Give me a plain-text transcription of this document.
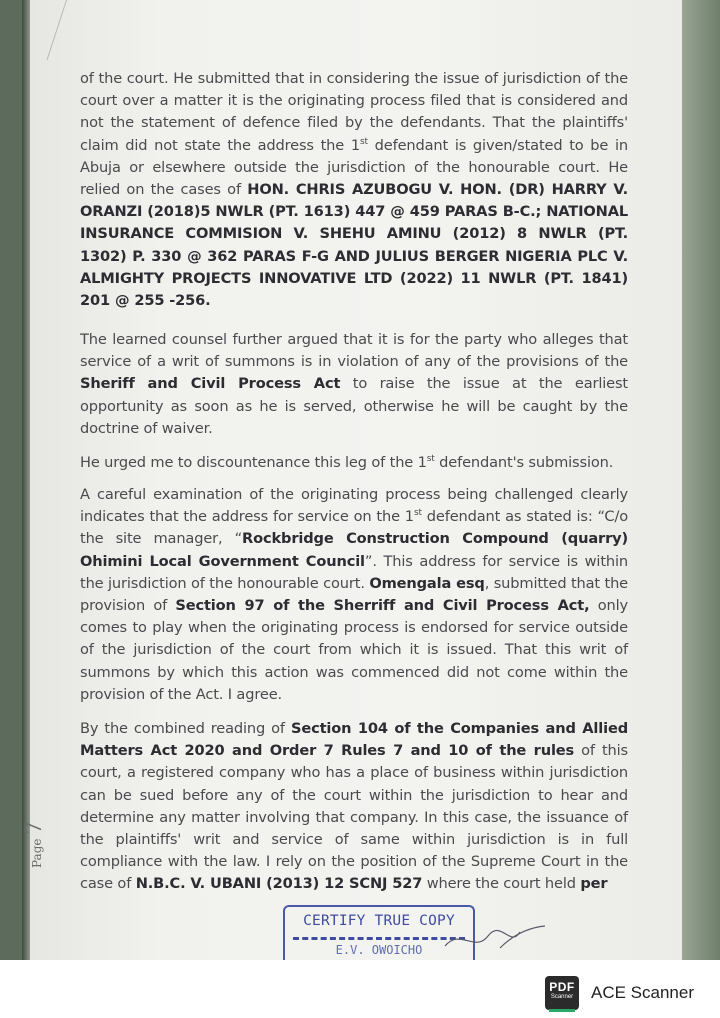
of the court. He submitted that in considering the issue of jurisdiction of the court over a matter it is the originating process filed that is considered and not the statement of defence filed by the defendants. That the plaintiffs' claim did not state the address the 1st defendant is given/stated to be in Abuja or elsewhere outside the jurisdiction of the honourable court. He relied on the cases of HON. CHRIS AZUBOGU V. HON. (DR) HARRY V. ORANZI (2018)5 NWLR (PT. 1613) 447 @ 459 PARAS B-C.; NATIONAL INSURANCE COMMISION V. SHEHU AMINU (2012) 8 NWLR (PT. 1302) P. 330 @ 362 PARAS F-G AND JULIUS BERGER NIGERIA PLC V. ALMIGHTY PROJECTS INNOVATIVE LTD (2022) 11 NWLR (PT. 1841) 201 @ 255 -256.
The learned counsel further argued that it is for the party who alleges that service of a writ of summons is in violation of any of the provisions of the Sheriff and Civil Process Act to raise the issue at the earliest opportunity as soon as he is served, otherwise he will be caught by the doctrine of waiver.
He urged me to discountenance this leg of the 1st defendant's submission.
A careful examination of the originating process being challenged clearly indicates that the address for service on the 1st defendant as stated is: “C/o the site manager, “Rockbridge Construction Compound (quarry) Ohimini Local Government Council”. This address for service is within the jurisdiction of the honourable court. Omengala esq, submitted that the provision of Section 97 of the Sherriff and Civil Process Act, only comes to play when the originating process is endorsed for service outside of the jurisdiction of the court from which it is issued. That this writ of summons by which this action was commenced did not come within the provision of the Act. I agree.
By the combined reading of Section 104 of the Companies and Allied Matters Act 2020 and Order 7 Rules 7 and 10 of the rules of this court, a registered company who has a place of business within jurisdiction can be sued before any of the court within the jurisdiction to hear and determine any matter involving that company. In this case, the issuance of the plaintiffs' writ and service of same within jurisdiction is in full compliance with the law. I rely on the position of the Supreme Court in the case of N.B.C. V. UBANI (2013) 12 SCNJ 527 where the court held per
Page 7
CERTIFY TRUE COPY
E.V. OWOICHO
PDF
Scanner	ACE Scanner
